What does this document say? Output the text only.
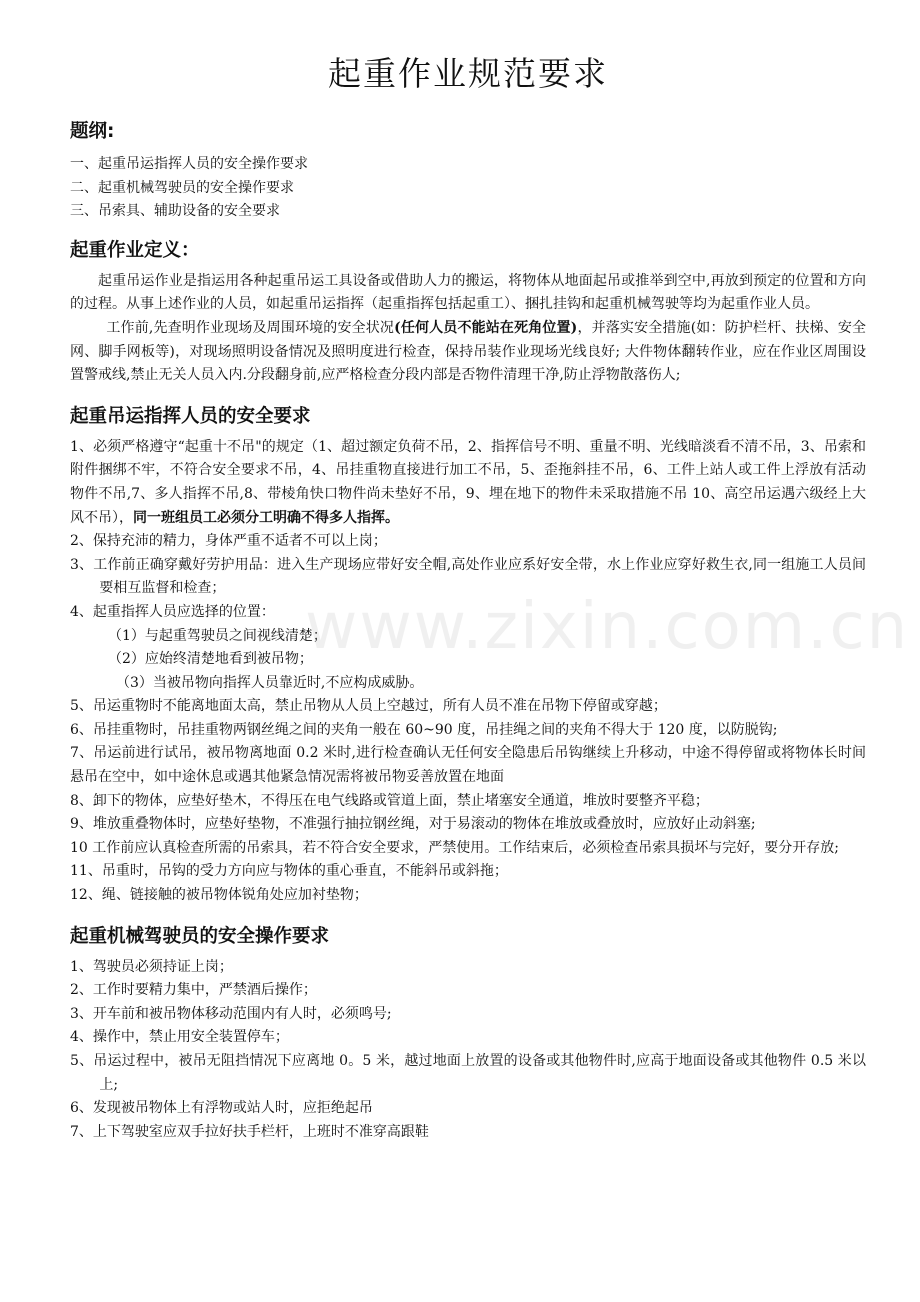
起重作业规范要求
题纲:
一、起重吊运指挥人员的安全操作要求
二、起重机械驾驶员的安全操作要求
三、吊索具、辅助设备的安全要求
起重作业定义：
起重吊运作业是指运用各种起重吊运工具设备或借助人力的搬运，将物体从地面起吊或推举到空中,再放到预定的位置和方向的过程。从事上述作业的人员，如起重吊运指挥（起重指挥包括起重工）、捆扎挂钩和起重机械驾驶等均为起重作业人员。
工作前,先查明作业现场及周围环境的安全状况(任何人员不能站在死角位置)，并落实安全措施(如：防护栏杆、扶梯、安全网、脚手网板等)，对现场照明设备情况及照明度进行检查，保持吊装作业现场光线良好; 大件物体翻转作业，应在作业区周围设置警戒线,禁止无关人员入内.分段翻身前,应严格检查分段内部是否物件清理干净,防止浮物散落伤人;
起重吊运指挥人员的安全要求
1、必须严格遵守“起重十不吊"的规定（1、超过额定负荷不吊，2、指挥信号不明、重量不明、光线暗淡看不清不吊，3、吊索和附件捆绑不牢，不符合安全要求不吊，4、吊挂重物直接进行加工不吊，5、歪拖斜挂不吊，6、工件上站人或工件上浮放有活动物件不吊,7、多人指挥不吊,8、带棱角快口物件尚未垫好不吊，9、埋在地下的物件未采取措施不吊 10、高空吊运遇六级经上大风不吊），同一班组员工必须分工明确不得多人指挥。
2、保持充沛的精力，身体严重不适者不可以上岗；
3、工作前正确穿戴好劳护用品：进入生产现场应带好安全帽,高处作业应系好安全带，水上作业应穿好救生衣,同一组施工人员间要相互监督和检查；
4、起重指挥人员应选择的位置：
（1）与起重驾驶员之间视线清楚；
（2）应始终清楚地看到被吊物；
（3）当被吊物向指挥人员靠近时,不应构成威胁。
5、吊运重物时不能离地面太高，禁止吊物从人员上空越过，所有人员不准在吊物下停留或穿越；
6、吊挂重物时，吊挂重物两钢丝绳之间的夹角一般在 60~90 度，吊挂绳之间的夹角不得大于 120 度，以防脱钩;
7、吊运前进行试吊，被吊物离地面 0.2 米时,进行检查确认无任何安全隐患后吊钩继续上升移动，中途不得停留或将物体长时间悬吊在空中，如中途休息或遇其他紧急情况需将被吊物妥善放置在地面
8、卸下的物体，应垫好垫木，不得压在电气线路或管道上面，禁止堵塞安全通道，堆放时要整齐平稳；
9、堆放重叠物体时，应垫好垫物，不准强行抽拉钢丝绳，对于易滚动的物体在堆放或叠放时，应放好止动斜塞;
10 工作前应认真检查所需的吊索具，若不符合安全要求，严禁使用。工作结束后，必须检查吊索具损坏与完好，要分开存放;
11、吊重时，吊钩的受力方向应与物体的重心垂直，不能斜吊或斜拖；
12、绳、链接触的被吊物体锐角处应加衬垫物；
起重机械驾驶员的安全操作要求
1、驾驶员必须持证上岗；
2、工作时要精力集中，严禁酒后操作；
3、开车前和被吊物体移动范围内有人时，必须鸣号;
4、操作中，禁止用安全装置停车；
5、吊运过程中，被吊无阻挡情况下应离地 0。5 米，越过地面上放置的设备或其他物件时,应高于地面设备或其他物件 0.5 米以上;
6、发现被吊物体上有浮物或站人时，应拒绝起吊
7、上下驾驶室应双手拉好扶手栏杆，上班时不准穿高跟鞋
www.zixin.com.cn
